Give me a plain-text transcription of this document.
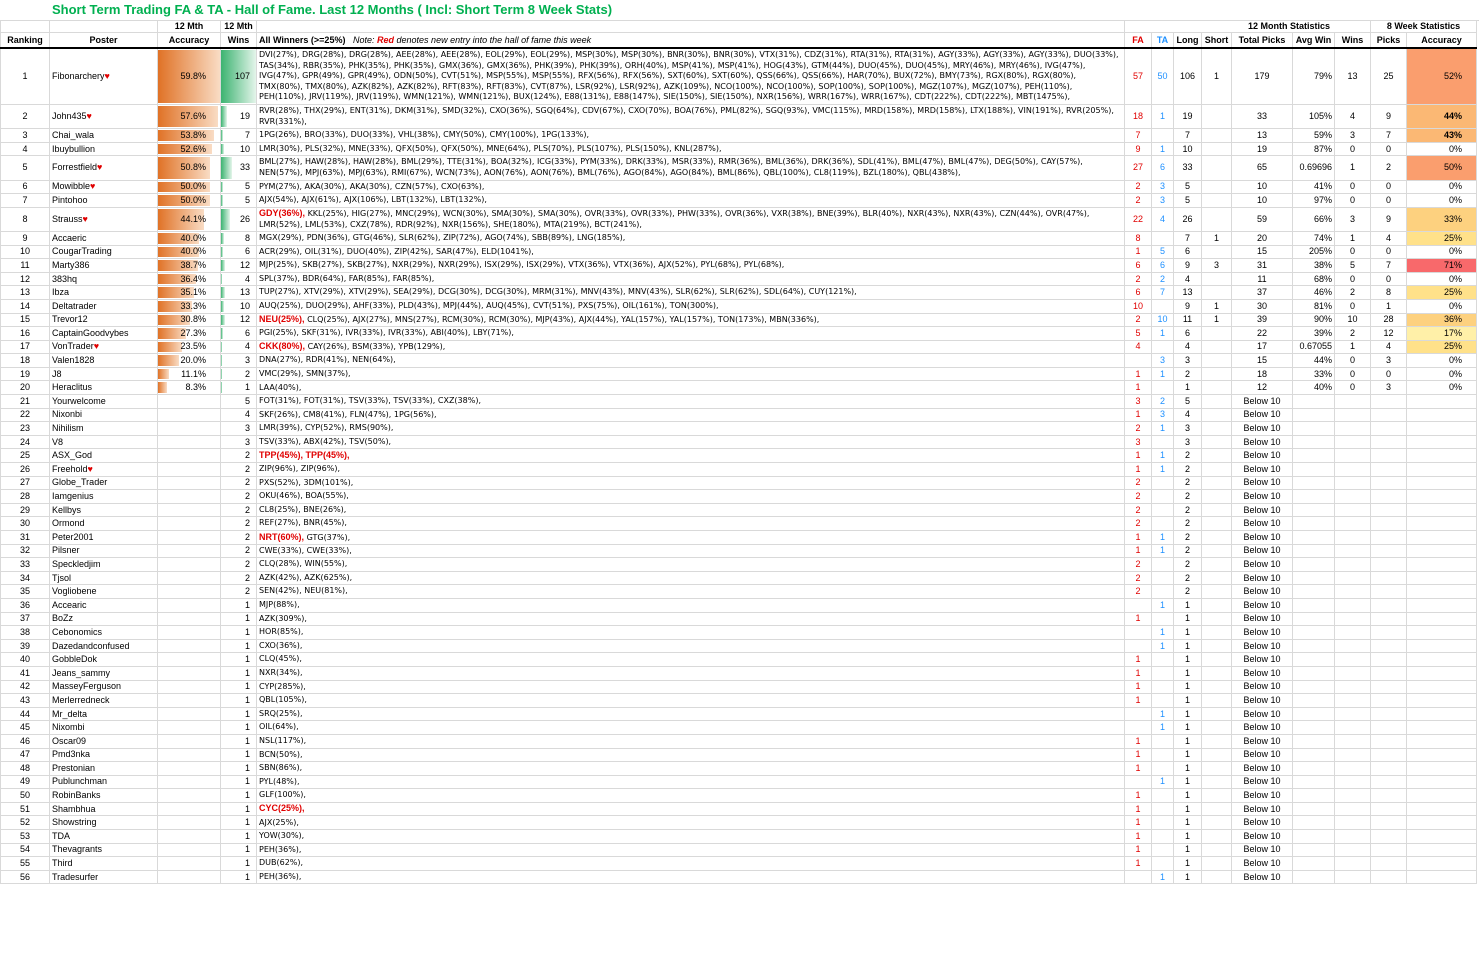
Short Term Trading FA & TA - Hall of Fame. Last 12 Months ( Incl: Short Term 8 Week Stats)
		12 Mth	12 Mth		12 Month Statistics							8 Week Statistics	
Ranking	Poster	Accuracy	Wins	All Winners (>=25%) Note: Red denotes new entry into the hall of fame this week	FA	TA	Long	Short	Total Picks	Avg Win	Wins	Picks	Accuracy
1	Fibonarchery♥	59.8%	107	DVI(27%), DRG(28%), DRG(28%), AEE(28%), AEE(28%), EOL(29%), EOL(29%), MSP(30%), MSP(30%), BNR(30%), BNR(30%), VTX(31%), CDZ(31%), RTA(31%), RTA(31%), AGY(33%), AGY(33%), AGY(33%), DUO(33%), TAS(34%), RBR(35%), PHK(35%), PHK(35%), GMX(36%), GMX(36%), PHK(39%), PHK(39%), ORH(40%), MSP(41%), MSP(41%), HOG(43%), GTM(44%), DUO(45%), DUO(45%), MRY(46%), MRY(46%), IVG(47%), IVG(47%), GPR(49%), GPR(49%), ODN(50%), CVT(51%), MSP(55%), MSP(55%), RFX(56%), RFX(56%), SXT(60%), SXT(60%), QSS(66%), QSS(66%), HAR(70%), BUX(72%), BMY(73%), RGX(80%), RGX(80%), TMX(80%), TMX(80%), AZK(82%), AZK(82%), RFT(83%), RFT(83%), CVT(87%), LSR(92%), LSR(92%), AZK(109%), NCO(100%), NCO(100%), SOP(100%), SOP(100%), MGZ(107%), MGZ(107%), PEH(110%), PEH(110%), JRV(119%), JRV(119%), WMN(121%), WMN(121%), BUX(124%), E88(131%), E88(147%), SIE(150%), SIE(150%), NXR(156%), WRR(167%), WRR(167%), CDT(222%), CDT(222%), MBT(1475%),	57	50	106	1	179	79%	13	25	52%
2	John435♥	57.6%	19	RVR(28%), THX(29%), ENT(31%), DKM(31%), SMD(32%), CXO(36%), SGQ(64%), CDV(67%), CXO(70%), BOA(76%), PML(82%), SGQ(93%), VMC(115%), MRD(158%), MRD(158%), LTX(188%), VIN(191%), RVR(205%), RVR(331%),	18	1	19		33	105%	4	9	44%
3	Chai_wala	53.8%	7	1PG(26%), BRO(33%), DUO(33%), VHL(38%), CMY(50%), CMY(100%), 1PG(133%),	7		7		13	59%	3	7	43%
4	Ibuybullion	52.6%	10	LMR(30%), PLS(32%), MNE(33%), QFX(50%), QFX(50%), MNE(64%), PLS(70%), PLS(107%), PLS(150%), KNL(287%),	9	1	10		19	87%	0	0	0%
5	Forrestfield♥	50.8%	33	BML(27%), HAW(28%), HAW(28%), BML(29%), TTE(31%), BOA(32%), ICG(33%), PYM(33%), DRK(33%), MSR(33%), RMR(36%), BML(36%), DRK(36%), SDL(41%), BML(47%), BML(47%), DEG(50%), CAY(57%), NEN(57%), MPJ(63%), MPJ(63%), RMI(67%), WCN(73%), AON(76%), AON(76%), BML(76%), AGO(84%), AGO(84%), BML(86%), QBL(100%), CL8(119%), BZL(180%), QBL(438%),	27	6	33		65	0.69696	1	2	50%
6	Mowibble♥	50.0%	5	PYM(27%), AKA(30%), AKA(30%), CZN(57%), CXO(63%),	2	3	5		10	41%	0	0	0%
7	Pintohoo	50.0%	5	AJX(54%), AJX(61%), AJX(106%), LBT(132%), LBT(132%),	2	3	5		10	97%	0	0	0%
8	Strauss♥	44.1%	26	GDY(36%), KKL(25%), HIG(27%), MNC(29%), WCN(30%), SMA(30%), SMA(30%), OVR(33%), OVR(33%), PHW(33%), OVR(36%), VXR(38%), BNE(39%), BLR(40%), NXR(43%), NXR(43%), CZN(44%), OVR(47%), LMR(52%), LML(53%), CXZ(78%), RDR(92%), NXR(156%), SHE(180%), MTA(219%), BCT(241%),	22	4	26		59	66%	3	9	33%
9	Accaeric	40.0%	8	MGX(29%), PDN(36%), GTG(46%), SLR(62%), ZIP(72%), AGO(74%), SBB(89%), LNG(185%),	8		7	1	20	74%	1	4	25%
10	CougarTrading	40.0%	6	ACR(29%), OIL(31%), DUO(40%), ZIP(42%), SAR(47%), ELD(1041%),	1	5	6		15	205%	0	0	0%
11	Marty386	38.7%	12	MJP(25%), SKB(27%), SKB(27%), NXR(29%), NXR(29%), ISX(29%), ISX(29%), VTX(36%), VTX(36%), AJX(52%), PYL(68%), PYL(68%),	6	6	9	3	31	38%	5	7	71%
12	383hq	36.4%	4	SPL(37%), BDR(64%), FAR(85%), FAR(85%),	2	2	4		11	68%	0	0	0%
13	Ibza	35.1%	13	TUP(27%), XTV(29%), XTV(29%), SEA(29%), DCG(30%), DCG(30%), MRM(31%), MNV(43%), MNV(43%), SLR(62%), SLR(62%), SDL(64%), CUY(121%),	6	7	13		37	46%	2	8	25%
14	Deltatrader	33.3%	10	AUQ(25%), DUO(29%), AHF(33%), PLD(43%), MPJ(44%), AUQ(45%), CVT(51%), PXS(75%), OIL(161%), TON(300%),	10		9	1	30	81%	0	1	0%
15	Trevor12	30.8%	12	NEU(25%), CLQ(25%), AJX(27%), MNS(27%), RCM(30%), RCM(30%), MJP(43%), AJX(44%), YAL(157%), YAL(157%), TON(173%), MBN(336%),	2	10	11	1	39	90%	10	28	36%
16	CaptainGoodvybes	27.3%	6	PGI(25%), SKF(31%), IVR(33%), IVR(33%), ABI(40%), LBY(71%),	5	1	6		22	39%	2	12	17%
17	VonTrader♥	23.5%	4	CKK(80%), CAY(26%), BSM(33%), YPB(129%),	4		4		17	0.67055	1	4	25%
18	Valen1828	20.0%	3	DNA(27%), RDR(41%), NEN(64%),		3	3		15	44%	0	3	0%
19	J8	11.1%	2	VMC(29%), SMN(37%),	1	1	2		18	33%	0	0	0%
20	Heraclitus	8.3%	1	LAA(40%),	1		1		12	40%	0	3	0%
21	Yourwelcome		5	FOT(31%), FOT(31%), TSV(33%), TSV(33%), CXZ(38%),	3	2	5		Below 10				
22	Nixonbi		4	SKF(26%), CM8(41%), FLN(47%), 1PG(56%),	1	3	4		Below 10				
23	Nihilism		3	LMR(39%), CYP(52%), RMS(90%),	2	1	3		Below 10				
24	V8		3	TSV(33%), ABX(42%), TSV(50%),	3		3		Below 10				
25	ASX_God		2	TPP(45%), TPP(45%),	1	1	2		Below 10				
26	Freehold♥		2	ZIP(96%), ZIP(96%),	1	1	2		Below 10				
27	Globe_Trader		2	PXS(52%), 3DM(101%),	2		2		Below 10				
28	Iamgenius		2	OKU(46%), BOA(55%),	2		2		Below 10				
29	Kellbys		2	CL8(25%), BNE(26%),	2		2		Below 10				
30	Ormond		2	REF(27%), BNR(45%),	2		2		Below 10				
31	Peter2001		2	NRT(60%), GTG(37%),	1	1	2		Below 10				
32	Pilsner		2	CWE(33%), CWE(33%),	1	1	2		Below 10				
33	Speckledjim		2	CLQ(28%), WIN(55%),	2		2		Below 10				
34	Tjsol		2	AZK(42%), AZK(625%),	2		2		Below 10				
35	Vogliobene		2	SEN(42%), NEU(81%),	2		2		Below 10				
36	Accearic		1	MJP(88%),		1	1		Below 10				
37	BoZz		1	AZK(309%),	1		1		Below 10				
38	Cebonomics		1	HOR(85%),		1	1		Below 10				
39	Dazedandconfused		1	CXO(36%),		1	1		Below 10				
40	GobbleDok		1	CLQ(45%),	1		1		Below 10				
41	Jeans_sammy		1	NXR(34%),	1		1		Below 10				
42	MasseyFerguson		1	CYP(285%),	1		1		Below 10				
43	Merlerredneck		1	QBL(105%),	1		1		Below 10				
44	Mr_delta		1	SRQ(25%),		1	1		Below 10				
45	Nixombi		1	OIL(64%),		1	1		Below 10				
46	Oscar09		1	NSL(117%),	1		1		Below 10				
47	Pmd3nka		1	BCN(50%),	1		1		Below 10				
48	Prestonian		1	SBN(86%),	1		1		Below 10				
49	Publunchman		1	PYL(48%),		1	1		Below 10				
50	RobinBanks		1	GLF(100%),	1		1		Below 10				
51	Shambhua		1	CYC(25%),	1		1		Below 10				
52	Showstring		1	AJX(25%),	1		1		Below 10				
53	TDA		1	YOW(30%),	1		1		Below 10				
54	Thevagrants		1	PEH(36%),	1		1		Below 10				
55	Third		1	DUB(62%),	1		1		Below 10				
56	Tradesurfer		1	PEH(36%),		1	1		Below 10				
